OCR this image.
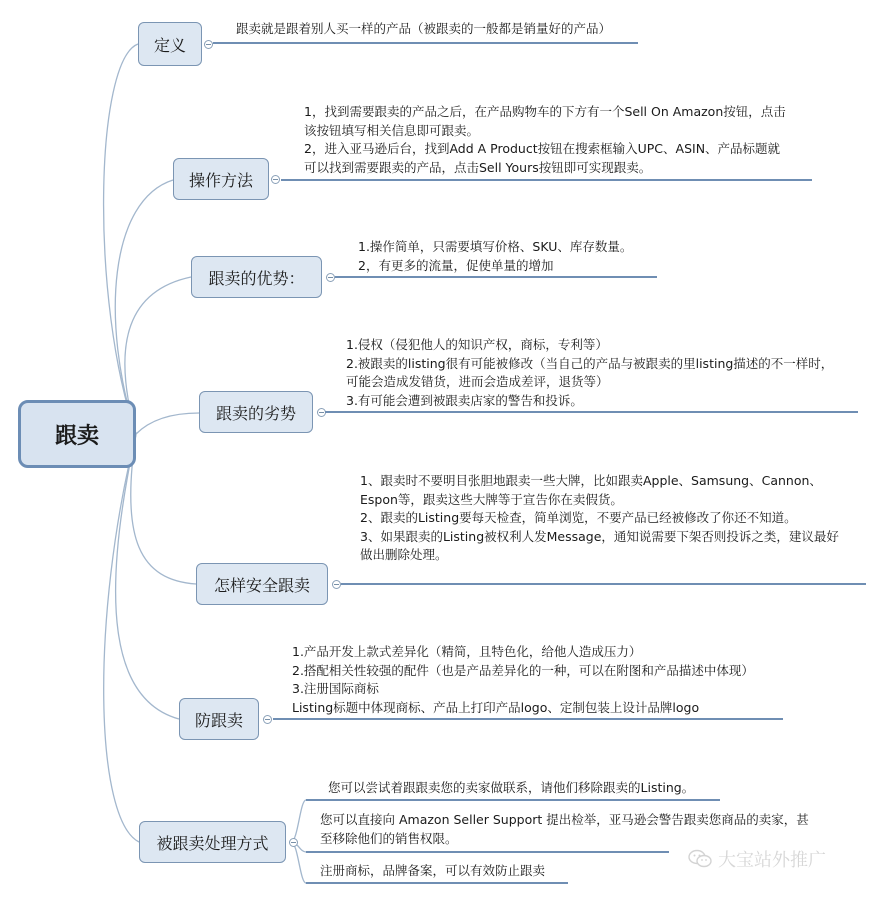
跟卖
定义
跟卖就是跟着别人买一样的产品（被跟卖的一般都是销量好的产品）
操作方法
1，找到需要跟卖的产品之后，在产品购物车的下方有一个Sell On Amazon按钮，点击
该按钮填写相关信息即可跟卖。
2，进入亚马逊后台，找到Add A Product按钮在搜索框输入UPC、ASIN、产品标题就
可以找到需要跟卖的产品，点击Sell Yours按钮即可实现跟卖。
跟卖的优势：
1.操作简单，只需要填写价格、SKU、库存数量。
2，有更多的流量，促使单量的增加
跟卖的劣势
1.侵权（侵犯他人的知识产权，商标，专利等）
2.被跟卖的listing很有可能被修改（当自己的产品与被跟卖的里listing描述的不一样时，
可能会造成发错货，进而会造成差评，退货等）
3.有可能会遭到被跟卖店家的警告和投诉。
怎样安全跟卖
1、跟卖时不要明目张胆地跟卖一些大牌，比如跟卖Apple、Samsung、Cannon、
Espon等，跟卖这些大牌等于宣告你在卖假货。
2、跟卖的Listing要每天检查，简单浏览，不要产品已经被修改了你还不知道。
3、如果跟卖的Listing被权利人发Message，通知说需要下架否则投诉之类，建议最好
做出删除处理。
防跟卖
1.产品开发上款式差异化（精简，且特色化，给他人造成压力）
2.搭配相关性较强的配件（也是产品差异化的一种，可以在附图和产品描述中体现）
3.注册国际商标
Listing标题中体现商标、产品上打印产品logo、定制包装上设计品牌logo
被跟卖处理方式
您可以尝试着跟跟卖您的卖家做联系，请他们移除跟卖的Listing。
您可以直接向 Amazon Seller Support 提出检举，亚马逊会警告跟卖您商品的卖家，甚
至移除他们的销售权限。
注册商标，品牌备案，可以有效防止跟卖	大宝站外推广
